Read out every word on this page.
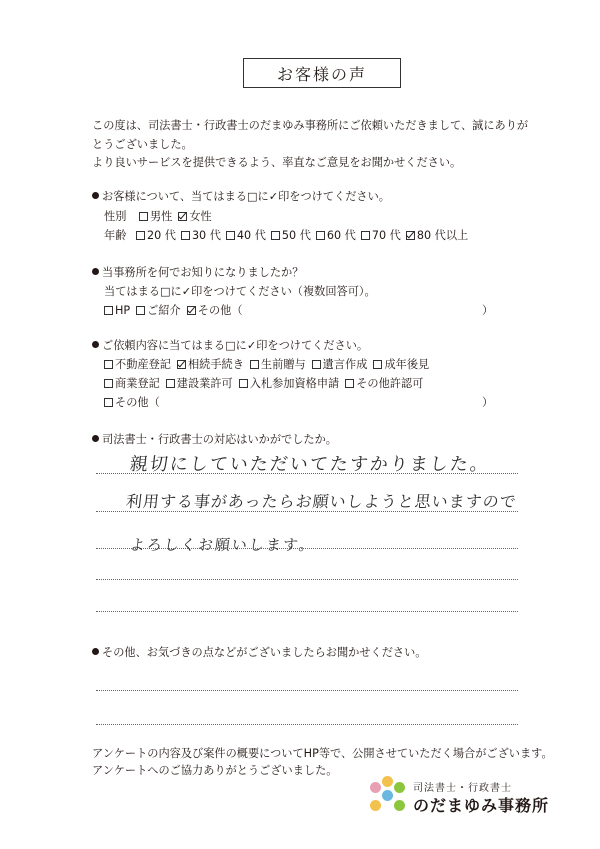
お客様の声
この度は、司法書士・行政書士のだまゆみ事務所にご依頼いただきまして、誠にありが
とうございました。
より良いサービスを提供できるよう、率直なご意見をお聞かせください。
お客様について、当てはまる□に✓印をつけてください。
性別 男性 女性
年齢 20 代 30 代 40 代 50 代 60 代 70 代 80 代以上
当事務所を何でお知りになりましたか？
当てはまる□に✓印をつけてください（複数回答可）。
HP ご紹介 その他（	）
ご依頼内容に当てはまる□に✓印をつけてください。
不動産登記 相続手続き 生前贈与 遺言作成 成年後見
商業登記 建設業許可 入札参加資格申請 その他許認可
その他（	）
司法書士・行政書士の対応はいかがでしたか。
親切にしていただいてたすかりました。
利用する事があったらお願いしようと思いますので
よろしくお願いします。
その他、お気づきの点などがございましたらお聞かせください。
アンケートの内容及び案件の概要についてHP等で、公開させていただく場合がございます。
アンケートへのご協力ありがとうございました。
司法書士・行政書士
のだまゆみ事務所
